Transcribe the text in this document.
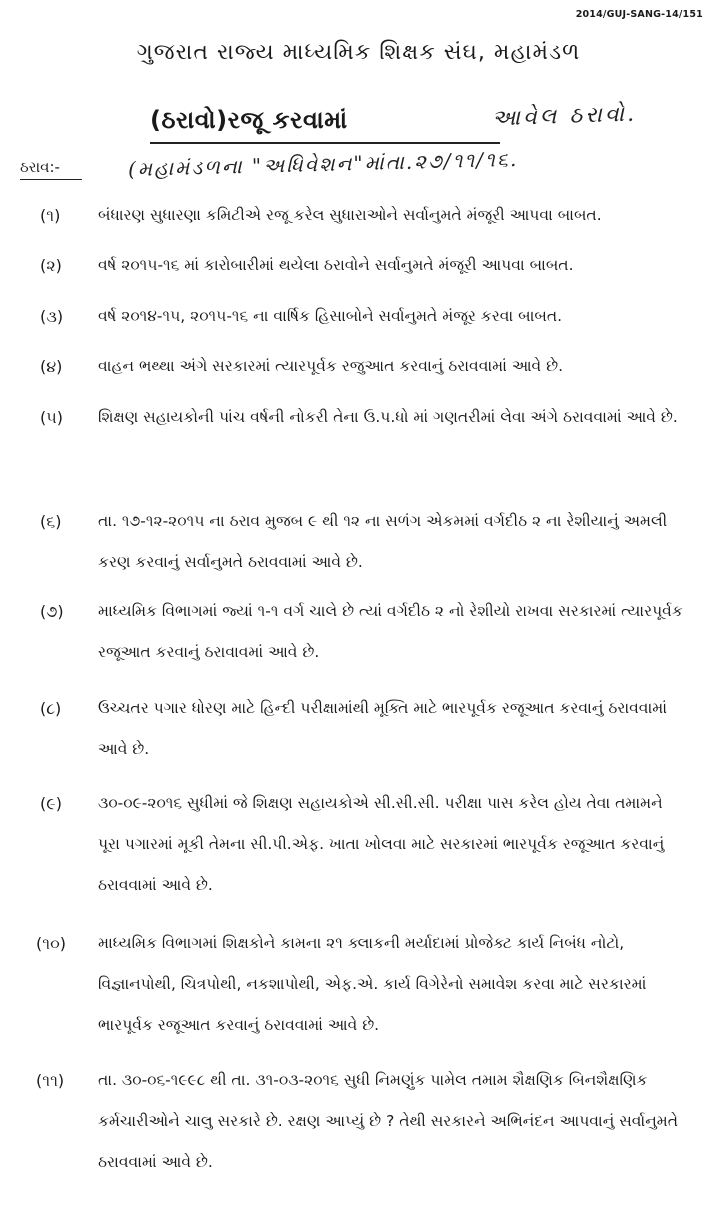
2014/GUJ-SANG-14/151
ગુજરાત રાજ્ય માધ્યમિક શિક્ષક સંઘ, મહામંડળ
(ઠરાવો)રજૂ કરવામાં	આવેલ ઠરાવો.
ઠરાવ:-	(મહામંડળના "અધિવેશન"માંતા.૨૭/૧૧/૧૬.
(૧) બંધારણ સુધારણા કમિટીએ રજૂ કરેલ સુધારાઓને સર્વાનુમતે મંજૂરી આપવા બાબત.
(૨) વર્ષ ૨૦૧૫-૧૬ માં કારોબારીમાં થયેલા ઠરાવોને સર્વાનુમતે મંજૂરી આપવા બાબત.
(૩) વર્ષ ૨૦૧૪-૧૫, ૨૦૧૫-૧૬ ના વાર્ષિક હિસાબોને સર્વાનુમતે મંજૂર કરવા બાબત.
(૪) વાહન ભથ્થા અંગે સરકારમાં ત્યારપૂર્વક રજુઆત કરવાનું ઠરાવવામાં આવે છે.
(૫) શિક્ષણ સહાયકોની પાંચ વર્ષની નોકરી તેના ઉ.પ.ધો માં ગણતરીમાં લેવા અંગે ઠરાવવામાં આવે છે.
(૬) તા. ૧૭-૧૨-૨૦૧૫ ના ઠરાવ મુજબ ૯ થી ૧૨ ના સળંગ એકમમાં વર્ગદીઠ ૨ ના રેશીયાનું અમલી કરણ કરવાનું સર્વાનુમતે ઠરાવવામાં આવે છે.
(૭) માધ્યમિક વિભાગમાં જ્યાં ૧-૧ વર્ગ ચાલે છે ત્યાં વર્ગદીઠ ૨ નો રેશીયો રાખવા સરકારમાં ત્યારપૂર્વક રજૂઆત કરવાનું ઠરાવાવમાં આવે છે.
(૮) ઉચ્ચતર પગાર ધોરણ માટે હિન્દી પરીક્ષામાંથી મૂક્તિ માટે ભારપૂર્વક રજૂઆત કરવાનું ઠરાવવામાં આવે છે.
(૯) ૩૦-૦૯-૨૦૧૬ સુધીમાં જે શિક્ષણ સહાયકોએ સી.સી.સી. પરીક્ષા પાસ કરેલ હોય તેવા તમામને પૂરા પગારમાં મૂકી તેમના સી.પી.એફ. ખાતા ખોલવા માટે સરકારમાં ભારપૂર્વક રજૂઆત કરવાનું ઠરાવવામાં આવે છે.
(૧૦) માધ્યમિક વિભાગમાં શિક્ષકોને કામના ૨૧ ક્લાકની મર્યાદામાં પ્રોજેક્ટ કાર્ય નિબંધ નોટો, વિજ્ઞાનપોથી, ચિત્રપોથી, નકશાપોથી, એફ.એ. કાર્ય વિગેરેનો સમાવેશ કરવા માટે સરકારમાં ભારપૂર્વક રજૂઆત કરવાનું ઠરાવવામાં આવે છે.
(૧૧) તા. ૩૦-૦૬-૧૯૯૮ થી તા. ૩૧-૦૩-૨૦૧૬ સુધી નિમણુંક પામેલ તમામ શૈક્ષણિક બિનશૈક્ષણિક કર્મચારીઓને ચાલુ સરકારે છે. રક્ષણ આપ્યું છે ? તેથી સરકારને અભિનંદન આપવાનું સર્વાનુમતે ઠરાવવામાં આવે છે.
